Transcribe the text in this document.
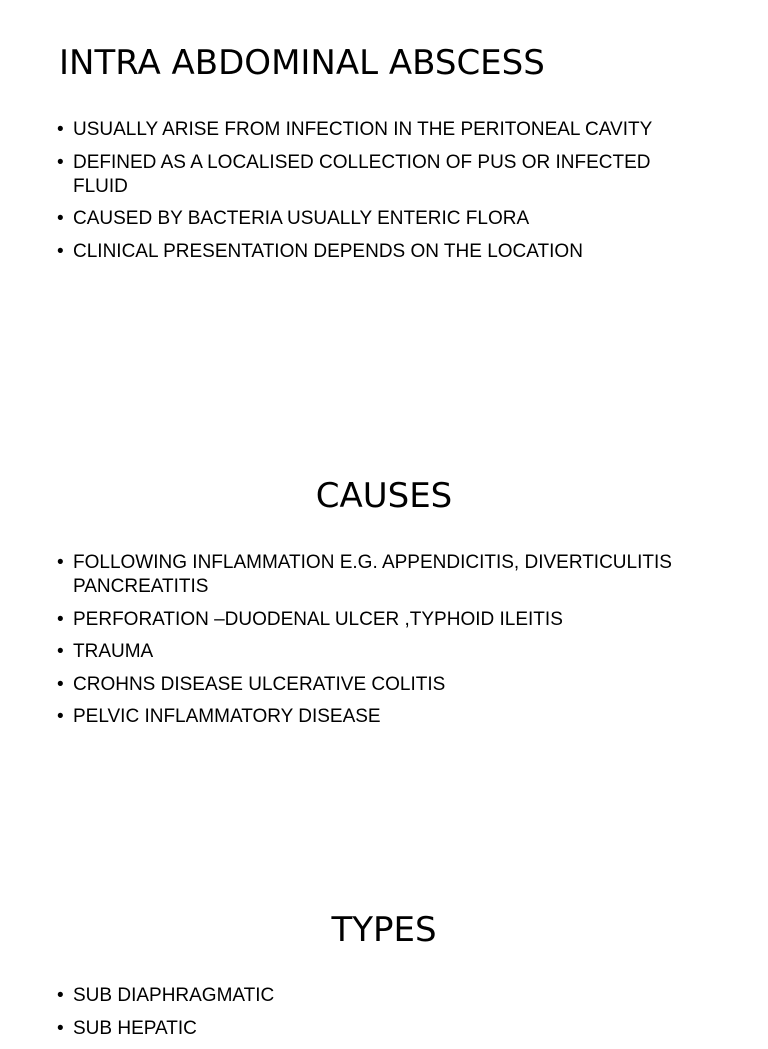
INTRA ABDOMINAL ABSCESS
• USUALLY ARISE FROM INFECTION IN THE PERITONEAL CAVITY
• DEFINED AS A LOCALISED COLLECTION OF PUS OR INFECTED FLUID
• CAUSED BY BACTERIA USUALLY ENTERIC FLORA
• CLINICAL PRESENTATION DEPENDS ON THE LOCATION
CAUSES
• FOLLOWING INFLAMMATION E.G. APPENDICITIS, DIVERTICULITIS PANCREATITIS
• PERFORATION –DUODENAL ULCER ,TYPHOID ILEITIS
• TRAUMA
• CROHNS DISEASE ULCERATIVE COLITIS
• PELVIC INFLAMMATORY DISEASE
TYPES
• SUB DIAPHRAGMATIC
• SUB HEPATIC
